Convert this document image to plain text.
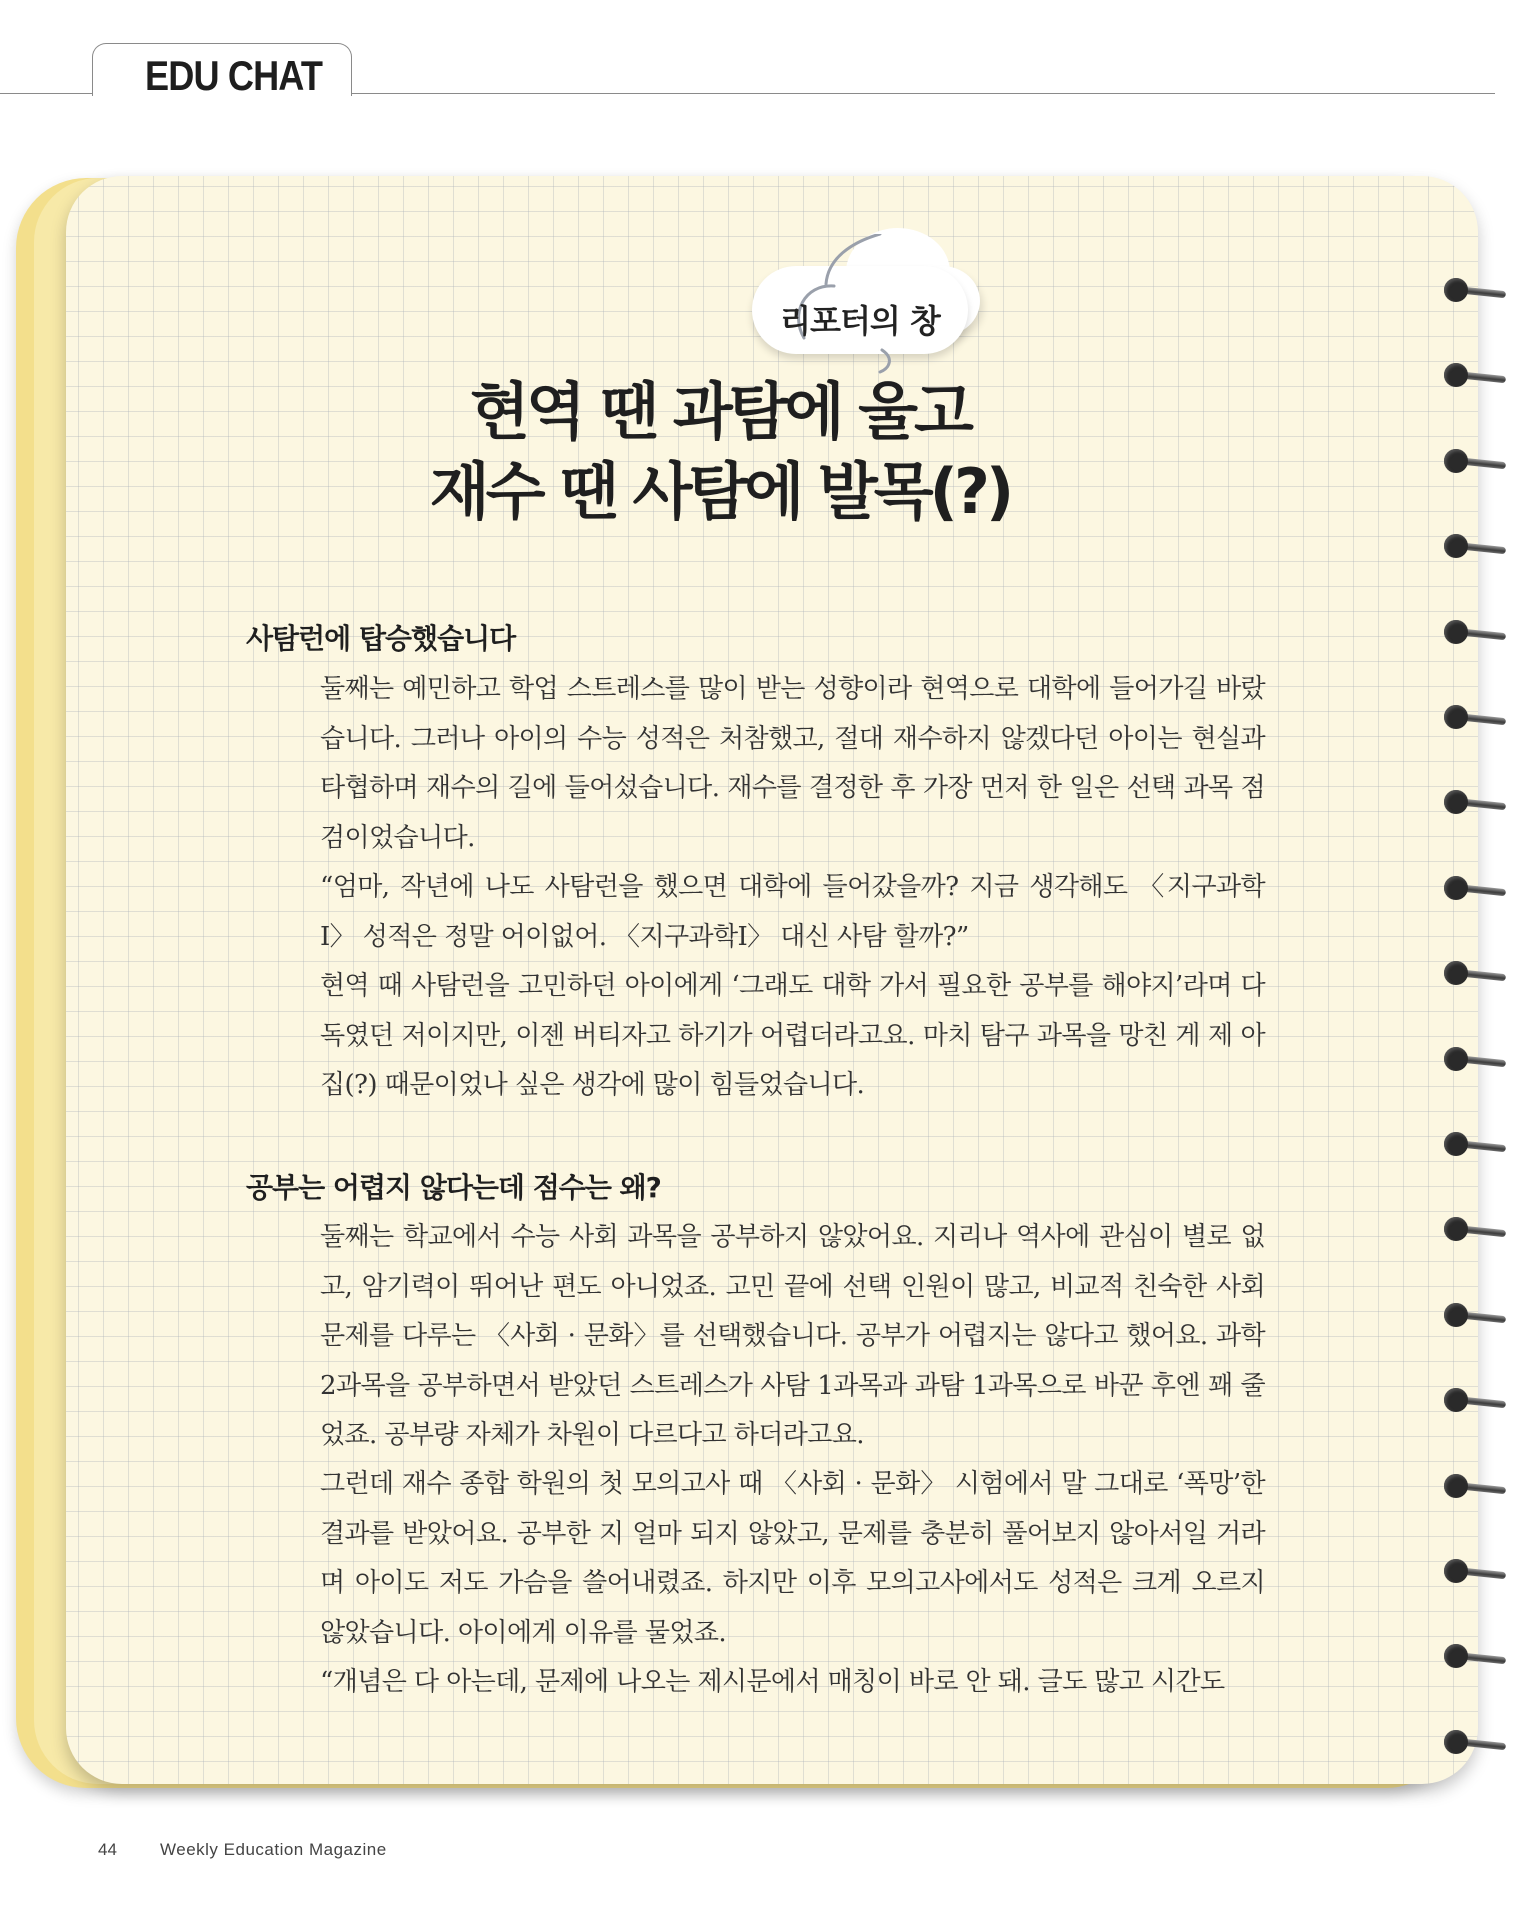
EDU CHAT
리포터의 창
현역 땐 과탐에 울고
재수 땐 사탐에 발목(?)
사탐런에 탑승했습니다
둘째는 예민하고 학업 스트레스를 많이 받는 성향이라 현역으로 대학에 들어가길 바랐습니다. 그러나 아이의 수능 성적은 처참했고, 절대 재수하지 않겠다던 아이는 현실과 타협하며 재수의 길에 들어섰습니다. 재수를 결정한 후 가장 먼저 한 일은 선택 과목 점검이었습니다.
“엄마, 작년에 나도 사탐런을 했으면 대학에 들어갔을까? 지금 생각해도 〈지구과학Ⅰ〉 성적은 정말 어이없어. 〈지구과학Ⅰ〉 대신 사탐 할까?”
현역 때 사탐런을 고민하던 아이에게 ‘그래도 대학 가서 필요한 공부를 해야지’라며 다독였던 저이지만, 이젠 버티자고 하기가 어렵더라고요. 마치 탐구 과목을 망친 게 제 아집(?) 때문이었나 싶은 생각에 많이 힘들었습니다.
공부는 어렵지 않다는데 점수는 왜?
둘째는 학교에서 수능 사회 과목을 공부하지 않았어요. 지리나 역사에 관심이 별로 없고, 암기력이 뛰어난 편도 아니었죠. 고민 끝에 선택 인원이 많고, 비교적 친숙한 사회 문제를 다루는 〈사회 · 문화〉를 선택했습니다. 공부가 어렵지는 않다고 했어요. 과학 2과목을 공부하면서 받았던 스트레스가 사탐 1과목과 과탐 1과목으로 바꾼 후엔 꽤 줄었죠. 공부량 자체가 차원이 다르다고 하더라고요.
그런데 재수 종합 학원의 첫 모의고사 때 〈사회 · 문화〉 시험에서 말 그대로 ‘폭망’한 결과를 받았어요. 공부한 지 얼마 되지 않았고, 문제를 충분히 풀어보지 않아서일 거라며 아이도 저도 가슴을 쓸어내렸죠. 하지만 이후 모의고사에서도 성적은 크게 오르지 않았습니다. 아이에게 이유를 물었죠.
“개념은 다 아는데, 문제에 나오는 제시문에서 매칭이 바로 안 돼. 글도 많고 시간도
44	Weekly Education Magazine
